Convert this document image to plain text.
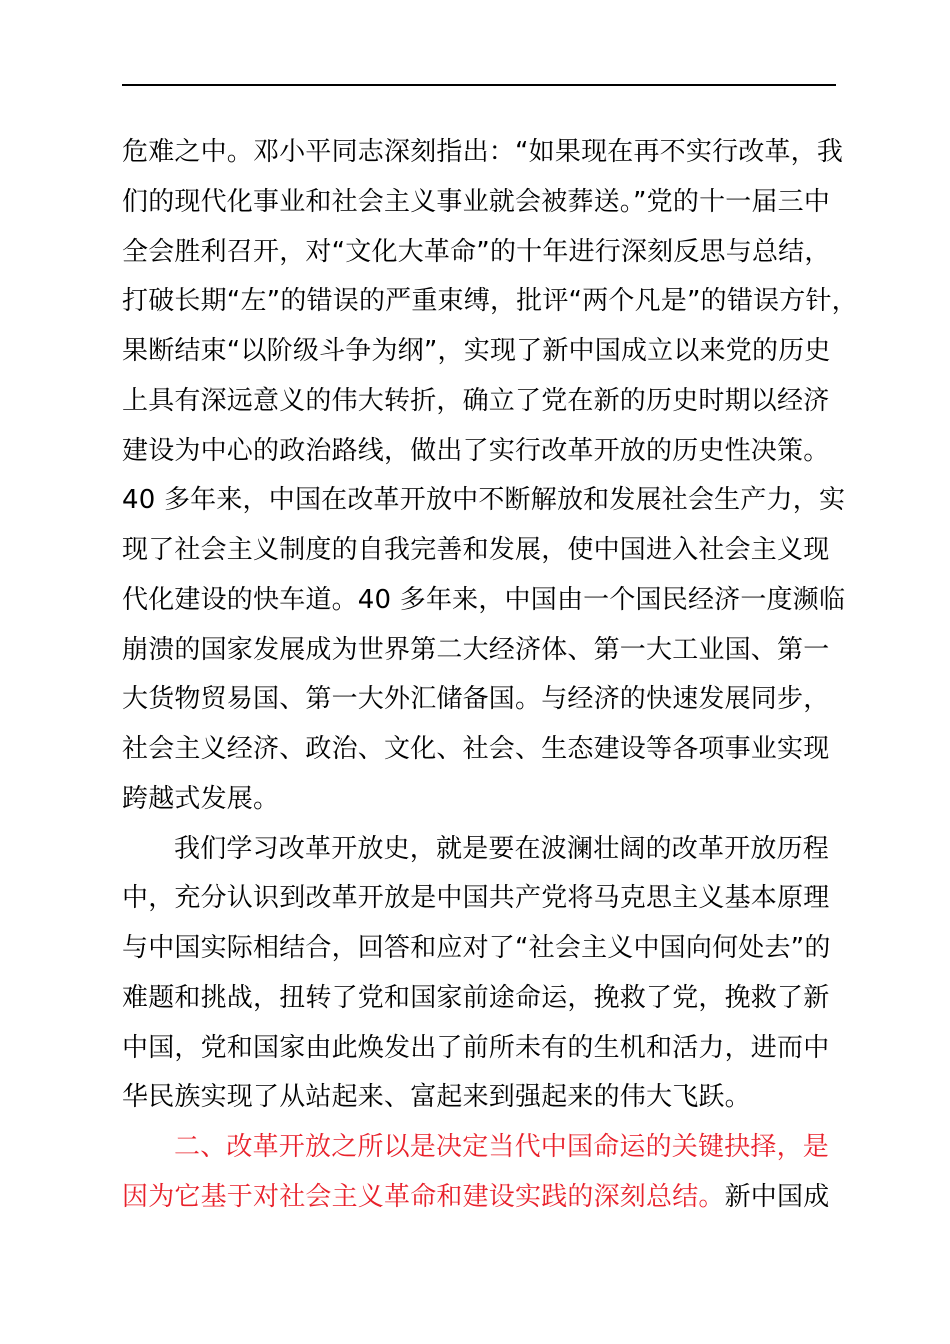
危难之中。邓小平同志深刻指出：“如果现在再不实行改革，我
们的现代化事业和社会主义事业就会被葬送。”党的十一届三中
全会胜利召开，对“文化大革命”的十年进行深刻反思与总结，
打破长期“左”的错误的严重束缚，批评“两个凡是”的错误方针，
果断结束“以阶级斗争为纲”，实现了新中国成立以来党的历史
上具有深远意义的伟大转折，确立了党在新的历史时期以经济
建设为中心的政治路线，做出了实行改革开放的历史性决策。
40 多年来，中国在改革开放中不断解放和发展社会生产力，实
现了社会主义制度的自我完善和发展，使中国进入社会主义现
代化建设的快车道。40 多年来，中国由一个国民经济一度濒临
崩溃的国家发展成为世界第二大经济体、第一大工业国、第一
大货物贸易国、第一大外汇储备国。与经济的快速发展同步，
社会主义经济、政治、文化、社会、生态建设等各项事业实现
跨越式发展。
我们学习改革开放史，就是要在波澜壮阔的改革开放历程
中，充分认识到改革开放是中国共产党将马克思主义基本原理
与中国实际相结合，回答和应对了“社会主义中国向何处去”的
难题和挑战，扭转了党和国家前途命运，挽救了党，挽救了新
中国，党和国家由此焕发出了前所未有的生机和活力，进而中
华民族实现了从站起来、富起来到强起来的伟大飞跃。
二、改革开放之所以是决定当代中国命运的关键抉择，是
因为它基于对社会主义革命和建设实践的深刻总结。新中国成
